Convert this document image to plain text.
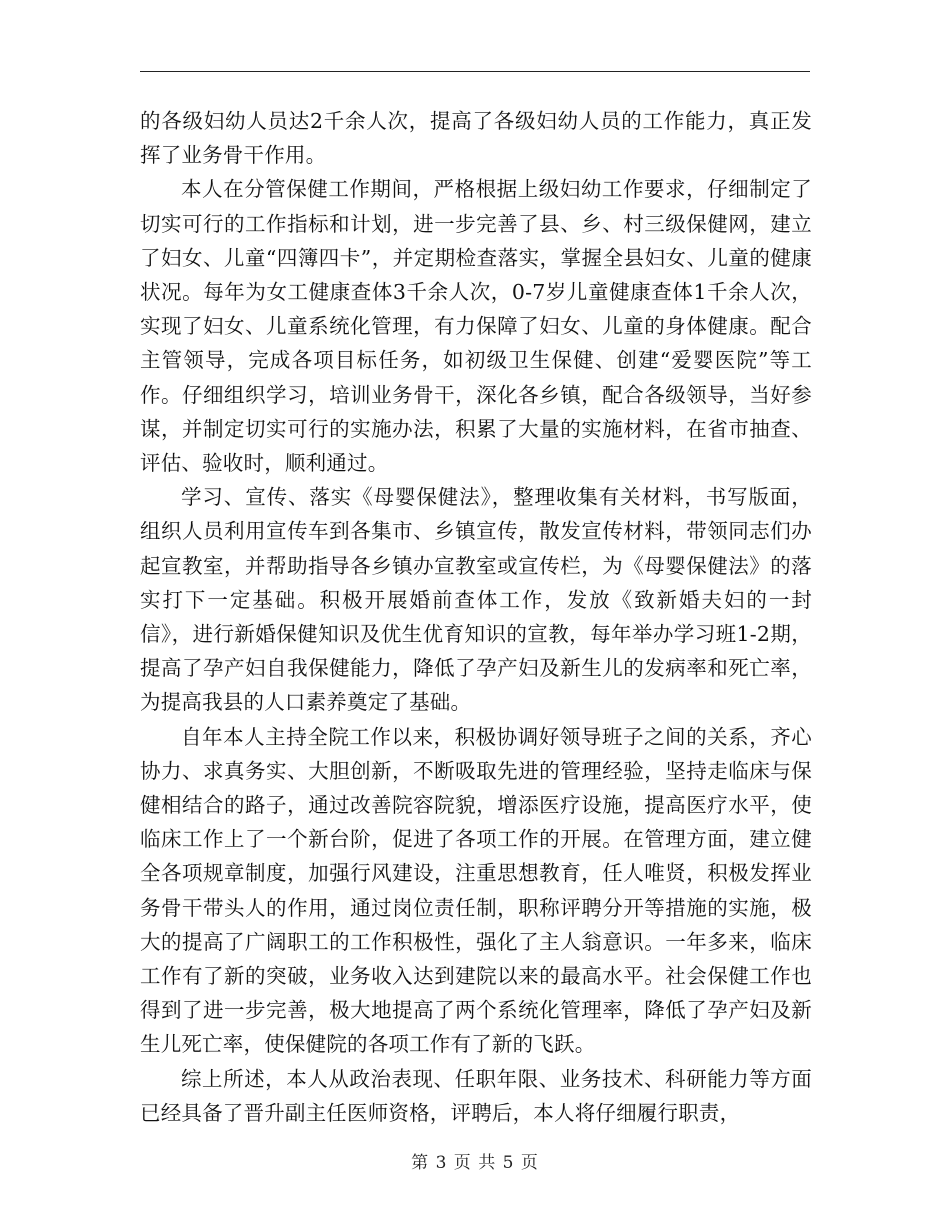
的各级妇幼人员达2千余人次，提高了各级妇幼人员的工作能力，真正发挥了业务骨干作用。

本人在分管保健工作期间，严格根据上级妇幼工作要求，仔细制定了切实可行的工作指标和计划，进一步完善了县、乡、村三级保健网，建立了妇女、儿童“四簿四卡”，并定期检查落实，掌握全县妇女、儿童的健康状况。每年为女工健康查体3千余人次，0-7岁儿童健康查体1千余人次，实现了妇女、儿童系统化管理，有力保障了妇女、儿童的身体健康。配合主管领导，完成各项目标任务，如初级卫生保健、创建“爱婴医院”等工作。仔细组织学习，培训业务骨干，深化各乡镇，配合各级领导，当好参谋，并制定切实可行的实施办法，积累了大量的实施材料，在省市抽查、评估、验收时，顺利通过。

学习、宣传、落实《母婴保健法》，整理收集有关材料，书写版面，组织人员利用宣传车到各集市、乡镇宣传，散发宣传材料，带领同志们办起宣教室，并帮助指导各乡镇办宣教室或宣传栏，为《母婴保健法》的落实打下一定基础。积极开展婚前查体工作，发放《致新婚夫妇的一封信》，进行新婚保健知识及优生优育知识的宣教，每年举办学习班1-2期，提高了孕产妇自我保健能力，降低了孕产妇及新生儿的发病率和死亡率，为提高我县的人口素养奠定了基础。

自年本人主持全院工作以来，积极协调好领导班子之间的关系，齐心协力、求真务实、大胆创新，不断吸取先进的管理经验，坚持走临床与保健相结合的路子，通过改善院容院貌，增添医疗设施，提高医疗水平，使临床工作上了一个新台阶，促进了各项工作的开展。在管理方面，建立健全各项规章制度，加强行风建设，注重思想教育，任人唯贤，积极发挥业务骨干带头人的作用，通过岗位责任制，职称评聘分开等措施的实施，极大的提高了广阔职工的工作积极性，强化了主人翁意识。一年多来，临床工作有了新的突破，业务收入达到建院以来的最高水平。社会保健工作也得到了进一步完善，极大地提高了两个系统化管理率，降低了孕产妇及新生儿死亡率，使保健院的各项工作有了新的飞跃。

综上所述，本人从政治表现、任职年限、业务技术、科研能力等方面已经具备了晋升副主任医师资格，评聘后，本人将仔细履行职责，

第 3 页 共 5 页
